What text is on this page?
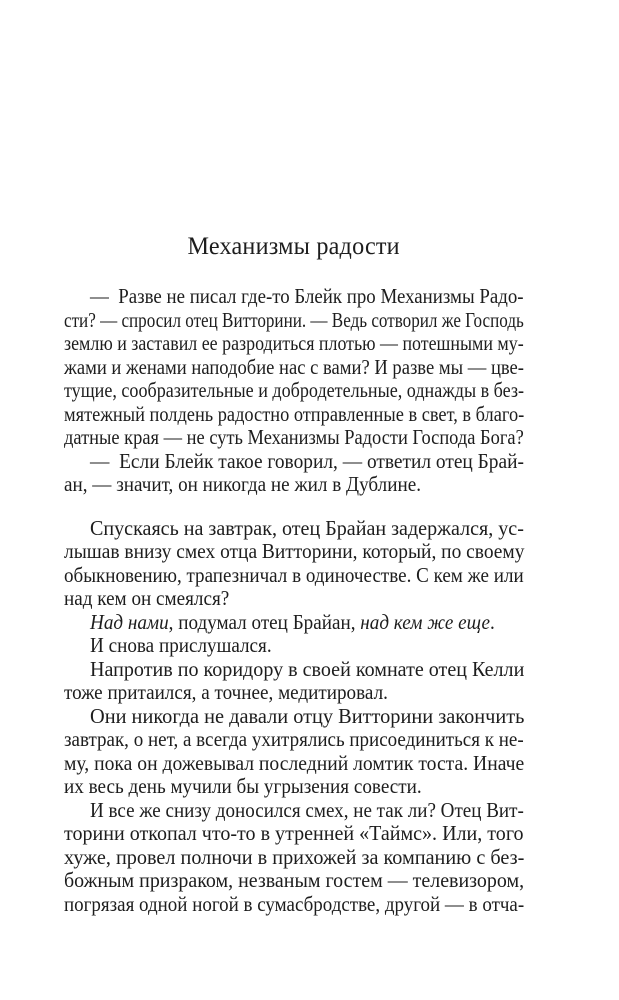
Механизмы радости
— Разве не писал где-то Блейк про Механизмы Радо-
сти? — спросил отец Витторини. — Ведь сотворил же Господь
землю и заставил ее разродиться плотью — потешными му-
жами и женами наподобие нас с вами? И разве мы — цве-
тущие, сообразительные и добродетельные, однажды в без-
мятежный полдень радостно отправленные в свет, в благо-
датные края — не суть Механизмы Радости Господа Бога?
— Если Блейк такое говорил, — ответил отец Брай-
ан, — значит, он никогда не жил в Дублине.
Спускаясь на завтрак, отец Брайан задержался, ус-
лышав внизу смех отца Витторини, который, по своему
обыкновению, трапезничал в одиночестве. С кем же или
над кем он смеялся?
Над нами, подумал отец Брайан, над кем же еще.
И снова прислушался.
Напротив по коридору в своей комнате отец Келли
тоже притаился, а точнее, медитировал.
Они никогда не давали отцу Витторини закончить
завтрак, о нет, а всегда ухитрялись присоединиться к не-
му, пока он дожевывал последний ломтик тоста. Иначе
их весь день мучили бы угрызения совести.
И все же снизу доносился смех, не так ли? Отец Вит-
торини откопал что-то в утренней «Таймс». Или, того
хуже, провел полночи в прихожей за компанию с без-
божным призраком, незваным гостем — телевизором,
погрязая одной ногой в сумасбродстве, другой — в отча-
